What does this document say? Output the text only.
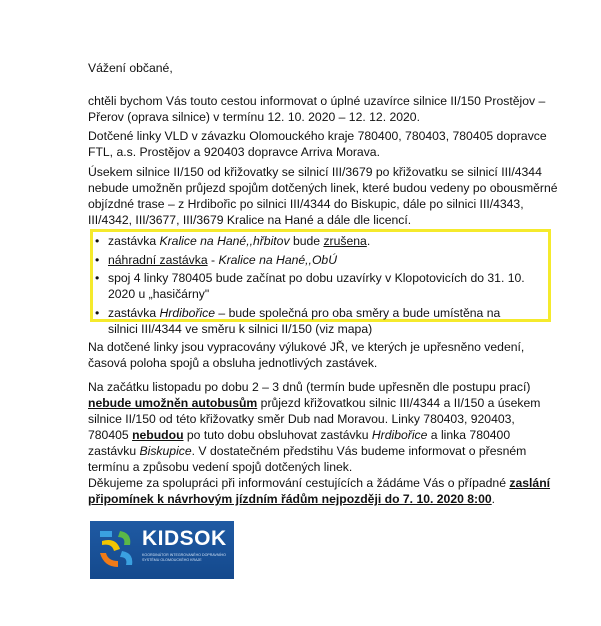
Vážení občané,

chtěli bychom Vás touto cestou informovat o úplné uzavírce silnice II/150 Prostějov – Přerov (oprava silnice) v termínu 12. 10. 2020 – 12. 12. 2020.

Dotčené linky VLD v závazku Olomouckého kraje 780400, 780403, 780405 dopravce FTL, a.s. Prostějov a 920403 dopravce Arriva Morava.

Úsekem silnice II/150 od křižovatky se silnicí III/3679 po křižovatku se silnicí III/4344 nebude umožněn průjezd spojům dotčených linek, které budou vedeny po obousměrné objízdné trase – z Hrdibořic po silnici III/4344 do Biskupic, dále po silnici III/4343, III/4342, III/3677, III/3679 Kralice na Hané a dále dle licencí.

• zastávka Kralice na Hané,,hřbitov bude zrušena.
• náhradní zastávka - Kralice na Hané,,ObÚ
• spoj 4 linky 780405 bude začínat po dobu uzavírky v Klopotovicích do 31. 10. 2020 u „hasičárny"
• zastávka Hrdibořice – bude společná pro oba směry a bude umístěna na silnici III/4344 ve směru k silnici II/150 (viz mapa)

Na dotčené linky jsou vypracovány výlukové JŘ, ve kterých je upřesněno vedení, časová poloha spojů a obsluha jednotlivých zastávek.

Na začátku listopadu po dobu 2 – 3 dnů (termín bude upřesněn dle postupu prací) nebude umožněn autobusům průjezd křižovatkou silnic III/4344 a II/150 a úsekem silnice II/150 od této křižovatky směr Dub nad Moravou. Linky 780403, 920403, 780405 nebudou po tuto dobu obsluhovat zastávku Hrdibořice a linka 780400 zastávku Biskupice. V dostatečném předstihu Vás budeme informovat o přesném termínu a způsobu vedení spojů dotčených linek.

Děkujeme za spolupráci při informování cestujících a žádáme Vás o případné zaslání připomínek k návrhovým jízdním řádům nejpozději do 7. 10. 2020 8:00.

KIDSOK
KOORDINÁTOR INTEGROVANÉHO DOPRAVNÍHO SYSTÉMU OLOMOUCKÉHO KRAJE
